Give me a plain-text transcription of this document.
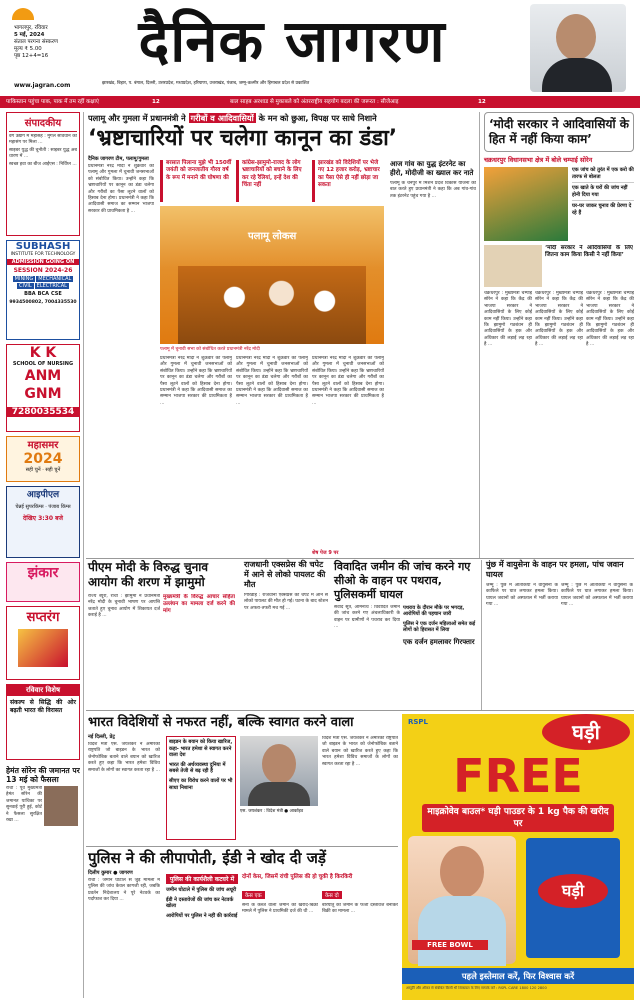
भागलपुर, रविवार
5 मई, 2024
संताल परगना संस्करण
मूल्य ₹ 5.00
पृष्ठ 12+4=16
www.jagran.com
दैनिक जागरण
झारखंड, बिहार, प. बंगाल, दिल्ली, उत्तरप्रदेश, मध्यप्रदेश, हरियाणा, उत्तराखंड, पंजाब, जम्मू-कश्मीर और हिमाचल प्रदेश से प्रकाशित
पाकिस्तान पहुंचा पाक, पाक में तम रहीं कक्षाएं	12	बाल साहब अरशाड से मुकाबले को अंतरराष्ट्रीय सहयोग बदला की जरूरत : सीजेआइ	12
संपादकीय

वर्ग उद्योग में महासंह : मुगल संविधान को महासंग पर मिला ...

साइबर युद्ध की चुनौती : साइबर युद्ध अब धारण में ...

स्वच्छ हवा का बीज आईएस : निर्विघ्न ...

SUBHASH
INSTITUTE FOR TECHNOLOGY
ADMISSION GOING ON
SESSION 2024-26
MINING	MECHANICAL
CIVIL	ELECTRICAL
BBA BCA CSE
9934500802, 7004335530
K K
SCHOOL OF NURSING
ANM GNM
7280035534
महासमर
2024
सही चुनें · सही चुनें
आइपीएल
चेन्नई सुपरकिंग्स · पंजाब किंग्स
देखिए 3:30 बजे
झंकार
सप्तरंग
रविवार विशेष
संकल्प से सिद्धि की ओर बढ़ती भारत की विरासत
हेमंत सोरेन की जमानत पर 13 मई को फैसला
रांची : पूर्व मुख्यमंत्री हेमंत सोरेन की जमानत याचिका पर सुनवाई पूरी हुई, कोर्ट ने फैसला सुरक्षित रखा ...
पलामू और गुमला में प्रधानमंत्री ने गरीबों व आदिवासियों के मन को छुआ, विपक्ष पर साधे निशाने
‘भ्रष्टाचारियों पर चलेगा कानून का डंडा’
दैनिक जागरण टीम, पलामू/गुमला
प्रधानमंत्री नरेंद्र मोदी ने शुक्रवार को पलामू और गुमला में चुनावी जनसभाओं को संबोधित किया। उन्होंने कहा कि भ्रष्टाचारियों पर कानून का डंडा चलेगा और गरीबों का पैसा लूटने वालों को हिसाब देना होगा। प्रधानमंत्री ने कहा कि आदिवासी समाज का सम्मान भाजपा सरकार की प्राथमिकता है ...
बरसात पिलाना मुझे भी 150वीं जयंती को जनजातीय गौरव वर्ष के रूप में मनाने की घोषणा की
कांग्रेस-झामुमो-राजद के लोग भ्रष्टाचारियों को बचाने के लिए कर रहे रैलियां, इन्हें देश की चिंता नहीं
झारखंड को विदेशियों पर भेजे गए 12 हजार करोड़, भ्रष्टाचार का पैसा ऐसे ही नहीं छोड़ा जा सकता
पलामू लोकस
पलामू में चुनावी सभा को संबोधित करते प्रधानमंत्री नरेंद्र मोदी
प्रधानमंत्री नरेंद्र मोदी ने शुक्रवार को पलामू और गुमला में चुनावी जनसभाओं को संबोधित किया। उन्होंने कहा कि भ्रष्टाचारियों पर कानून का डंडा चलेगा और गरीबों का पैसा लूटने वालों को हिसाब देना होगा। प्रधानमंत्री ने कहा कि आदिवासी समाज का सम्मान भाजपा सरकार की प्राथमिकता है ...
प्रधानमंत्री नरेंद्र मोदी ने शुक्रवार को पलामू और गुमला में चुनावी जनसभाओं को संबोधित किया। उन्होंने कहा कि भ्रष्टाचारियों पर कानून का डंडा चलेगा और गरीबों का पैसा लूटने वालों को हिसाब देना होगा। प्रधानमंत्री ने कहा कि आदिवासी समाज का सम्मान भाजपा सरकार की प्राथमिकता है ...
प्रधानमंत्री नरेंद्र मोदी ने शुक्रवार को पलामू और गुमला में चुनावी जनसभाओं को संबोधित किया। उन्होंने कहा कि भ्रष्टाचारियों पर कानून का डंडा चलेगा और गरीबों का पैसा लूटने वालों को हिसाब देना होगा। प्रधानमंत्री ने कहा कि आदिवासी समाज का सम्मान भाजपा सरकार की प्राथमिकता है ...
शेष पेज 9 पर
आज गांव का युद्ध इंटरनेट का हीरो, मोदीजी का ख्याल कर नाते
पलामू के चैनपुर में मिशन प्रदेश विकास योजना की बात करते हुए प्रधानमंत्री ने कहा कि अब गांव-गांव तक इंटरनेट पहुंच गया है ...
‘मोदी सरकार ने आदिवासियों के हित में नहीं किया काम’
चक्रधरपुर विधानसभा क्षेत्र में बोले चम्पाई सोरेन
एक जांच को तुरंत में एक करो की तारफ से बोलता
एक खाते के घरों की जांच नहीं होनी दिया गया
घर-घर जाकर चुनाव की प्रेरणा दे रहे हैं
‘मोदी सरकार ने आदिवासियों के लिए जितना काम किया किसी ने नहीं किया’
चक्रधरपुर : मुख्यमंत्री चम्पाई सोरेन ने कहा कि केंद्र की भाजपा सरकार ने आदिवासियों के लिए कोई काम नहीं किया। उन्होंने कहा कि झामुमो गठबंधन ही आदिवासियों के हक और अधिकार की लड़ाई लड़ रहा है ...
चक्रधरपुर : मुख्यमंत्री चम्पाई सोरेन ने कहा कि केंद्र की भाजपा सरकार ने आदिवासियों के लिए कोई काम नहीं किया। उन्होंने कहा कि झामुमो गठबंधन ही आदिवासियों के हक और अधिकार की लड़ाई लड़ रहा है ...
चक्रधरपुर : मुख्यमंत्री चम्पाई सोरेन ने कहा कि केंद्र की भाजपा सरकार ने आदिवासियों के लिए कोई काम नहीं किया। उन्होंने कहा कि झामुमो गठबंधन ही आदिवासियों के हक और अधिकार की लड़ाई लड़ रहा है ...
पीएम मोदी के विरुद्ध चुनाव आयोग की शरण में झामुमो
राज्य ब्यूरो, रांची : झामुमो ने प्रधानमंत्री नरेंद्र मोदी के चुनावी भाषण पर आपत्ति जताते हुए चुनाव आयोग में शिकायत दर्ज कराई है ...
मुख्यमंत्री के विरुद्ध आचार संहिता उल्लंघन का मामला दर्ज करने की मांग
राजधानी एक्सप्रेस की चपेट में आने से लोको पायलट की मौत
गिरिडीह : राजधानी एक्सप्रेस की चपेट में आने से लोको पायलट की मौत हो गई। घटना के बाद स्टेशन पर अफरा-तफरी मच गई ...
विवादित जमीन की जांच करने गए सीओ के वाहन पर पथराव, पुलिसकर्मी घायल
संवाद सूत्र, आमनाथ : विवादित जमीन की जांच करने गए अंचलाधिकारी के वाहन पर ग्रामीणों ने पथराव कर दिया ...
पथराव के दौरान मौके पर भगदड़, आरोपियों की पहचान जारी
पुलिस ने एक दर्जन महिलाओं समेत कई लोगों को हिरासत में लिया
एक दर्जन हमलावर गिरफ्तार
पुंछ में वायुसेना के वाहन पर हमला, पांच जवान घायल
जम्मू : पुंछ में आतंकियों ने वायुसेना के काफिले पर घात लगाकर हमला किया। घायल जवानों को अस्पताल में भर्ती कराया गया ...
जम्मू : पुंछ में आतंकियों ने वायुसेना के काफिले पर घात लगाकर हमला किया। घायल जवानों को अस्पताल में भर्ती कराया गया ...
भारत विदेशियों से नफरत नहीं, बल्कि स्वागत करने वाला
नई दिल्ली, प्रेट्र
विदेश मंत्री एस. जयशंकर ने अमेरिकी राष्ट्रपति जो बाइडन के भारत को जेनोफोबिक बताने वाले बयान को खारिज करते हुए कहा कि भारत हमेशा विविध समाजों के लोगों का स्वागत करता रहा है ...
बाइडन के बयान को किया खारिज, कहा- भारत हमेशा से स्वागत करने वाला देश
भारत की अर्थव्यवस्था दुनिया में सबसे तेजी से बढ़ रही है
सीएए का विरोध करने वालों पर भी साधा निशाना
एस. जयशंकर : विदेश मंत्री ● आर्काइव
विदेश मंत्री एस. जयशंकर ने अमेरिकी राष्ट्रपति जो बाइडन के भारत को जेनोफोबिक बताने वाले बयान को खारिज करते हुए कहा कि भारत हमेशा विविध समाजों के लोगों का स्वागत करता रहा है ...
पुलिस ने की लीपापोती, ईडी ने खोद दी जड़ें
दिलीप कुमार ● जागरण
रांची : जमीन घोटाले से जुड़े मामलों में पुलिस की जांच केवल कागजी रही, जबकि प्रवर्तन निदेशालय ने पूरे नेटवर्क का पर्दाफाश कर दिया ...
पुलिस की कार्यशैली कटघरे में
जमीन घोटाले में पुलिस की जांच अधूरी
ईडी ने दस्तावेजों की जांच कर नेटवर्क खोला
आरोपियों पर पुलिस ने नहीं की कार्रवाई
दोनों केस, जिसमें रांची पुलिस की हो चुकी है किरकिरी
केस एक
सेना के कब्जे वाली जमीन की खरीद-बिक्री मामले में पुलिस ने प्राथमिकी दर्ज की थी ...
केस दो
बरियातू की जमीन के फर्जी दस्तावेज बनाकर बिक्री का मामला ...
RSPL	घड़ी
FREE
माइक्रोवेव बाउल* घड़ी पाउडर के 1 kg पैक की खरीद पर
घड़ी
FREE BOWL
पहले इस्तेमाल करें, फिर विश्वास करें
आपूर्ति और ऑफर से संबंधित किसी भी शिकायत के लिए सम्पर्क करें : RSPL CARE 1800 120 2800
